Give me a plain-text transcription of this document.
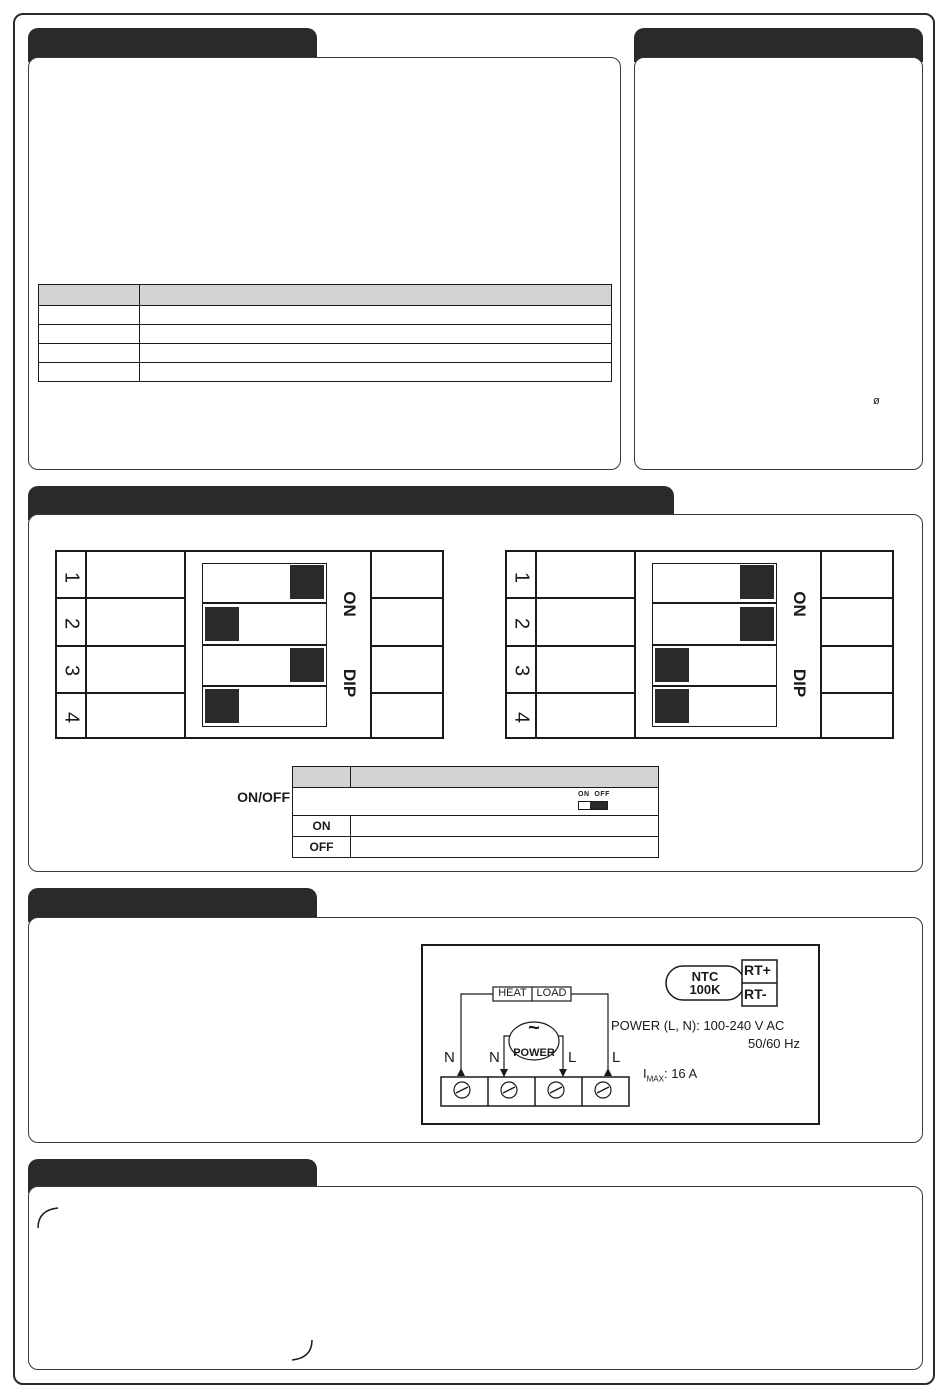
ø
1
2
3
4
ON
DIP
1
2
3
4
ON
DIP
ON/OFF
		ON OFF	

ON	
OFF	
NTC
100K
RT+
RT-
HEAT LOAD
POWER (L, N): 100-240 V AC
50/60 Hz
$I_{MAX}$: 16 A
~
POWER
N N	L L
